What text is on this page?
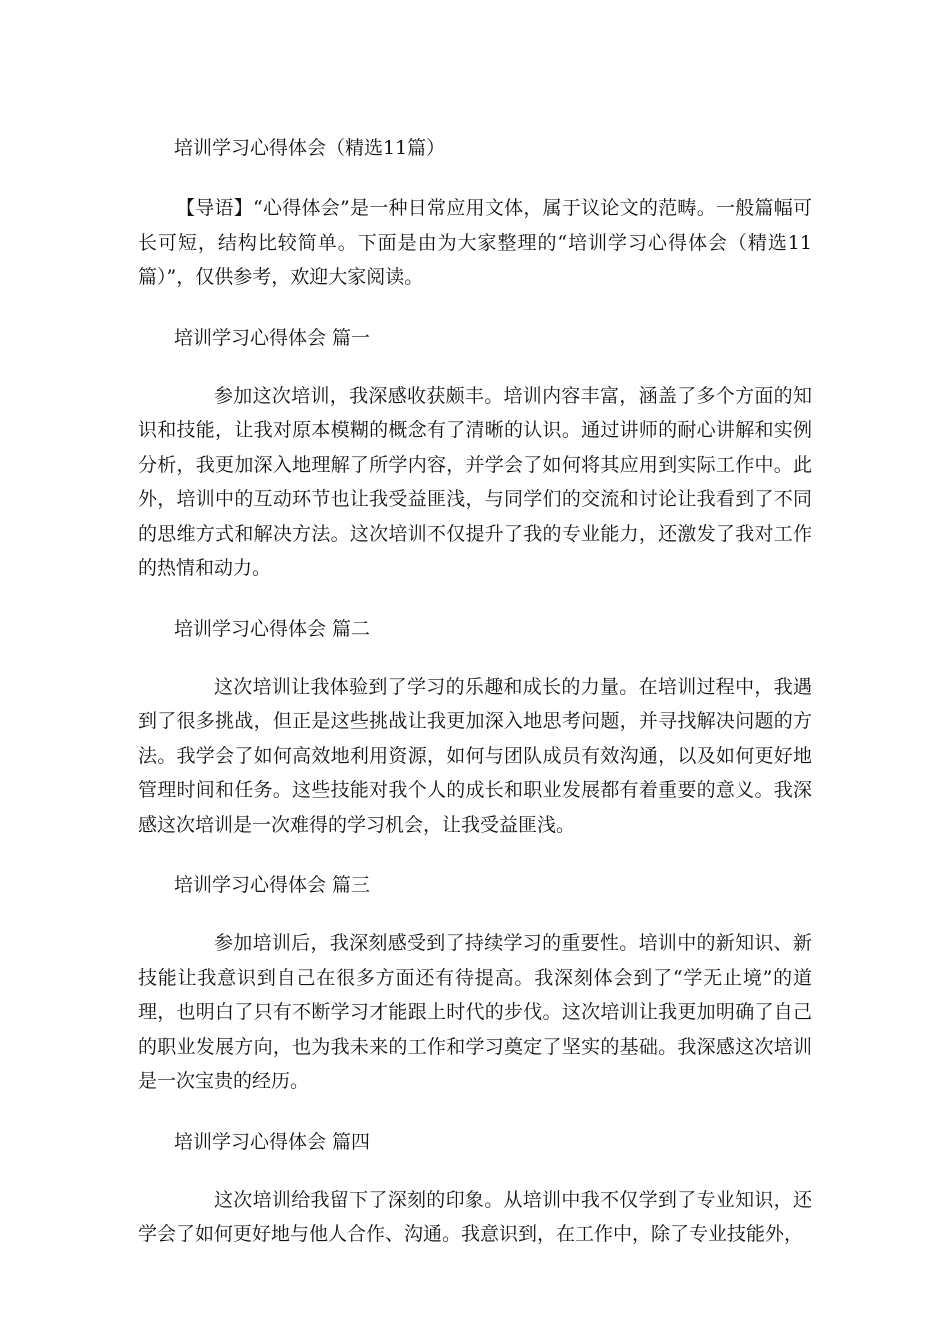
培训学习心得体会（精选11篇）

【导语】“心得体会”是一种日常应用文体，属于议论文的范畴。一般篇幅可长可短，结构比较简单。下面是由为大家整理的“培训学习心得体会（精选11篇）”，仅供参考，欢迎大家阅读。

培训学习心得体会 篇一

参加这次培训，我深感收获颇丰。培训内容丰富，涵盖了多个方面的知识和技能，让我对原本模糊的概念有了清晰的认识。通过讲师的耐心讲解和实例分析，我更加深入地理解了所学内容，并学会了如何将其应用到实际工作中。此外，培训中的互动环节也让我受益匪浅，与同学们的交流和讨论让我看到了不同的思维方式和解决方法。这次培训不仅提升了我的专业能力，还激发了我对工作的热情和动力。

培训学习心得体会 篇二

这次培训让我体验到了学习的乐趣和成长的力量。在培训过程中，我遇到了很多挑战，但正是这些挑战让我更加深入地思考问题，并寻找解决问题的方法。我学会了如何高效地利用资源，如何与团队成员有效沟通，以及如何更好地管理时间和任务。这些技能对我个人的成长和职业发展都有着重要的意义。我深感这次培训是一次难得的学习机会，让我受益匪浅。

培训学习心得体会 篇三

参加培训后，我深刻感受到了持续学习的重要性。培训中的新知识、新技能让我意识到自己在很多方面还有待提高。我深刻体会到了“学无止境”的道理，也明白了只有不断学习才能跟上时代的步伐。这次培训让我更加明确了自己的职业发展方向，也为我未来的工作和学习奠定了坚实的基础。我深感这次培训是一次宝贵的经历。

培训学习心得体会 篇四

这次培训给我留下了深刻的印象。从培训中我不仅学到了专业知识，还学会了如何更好地与他人合作、沟通。我意识到，在工作中，除了专业技能外，
